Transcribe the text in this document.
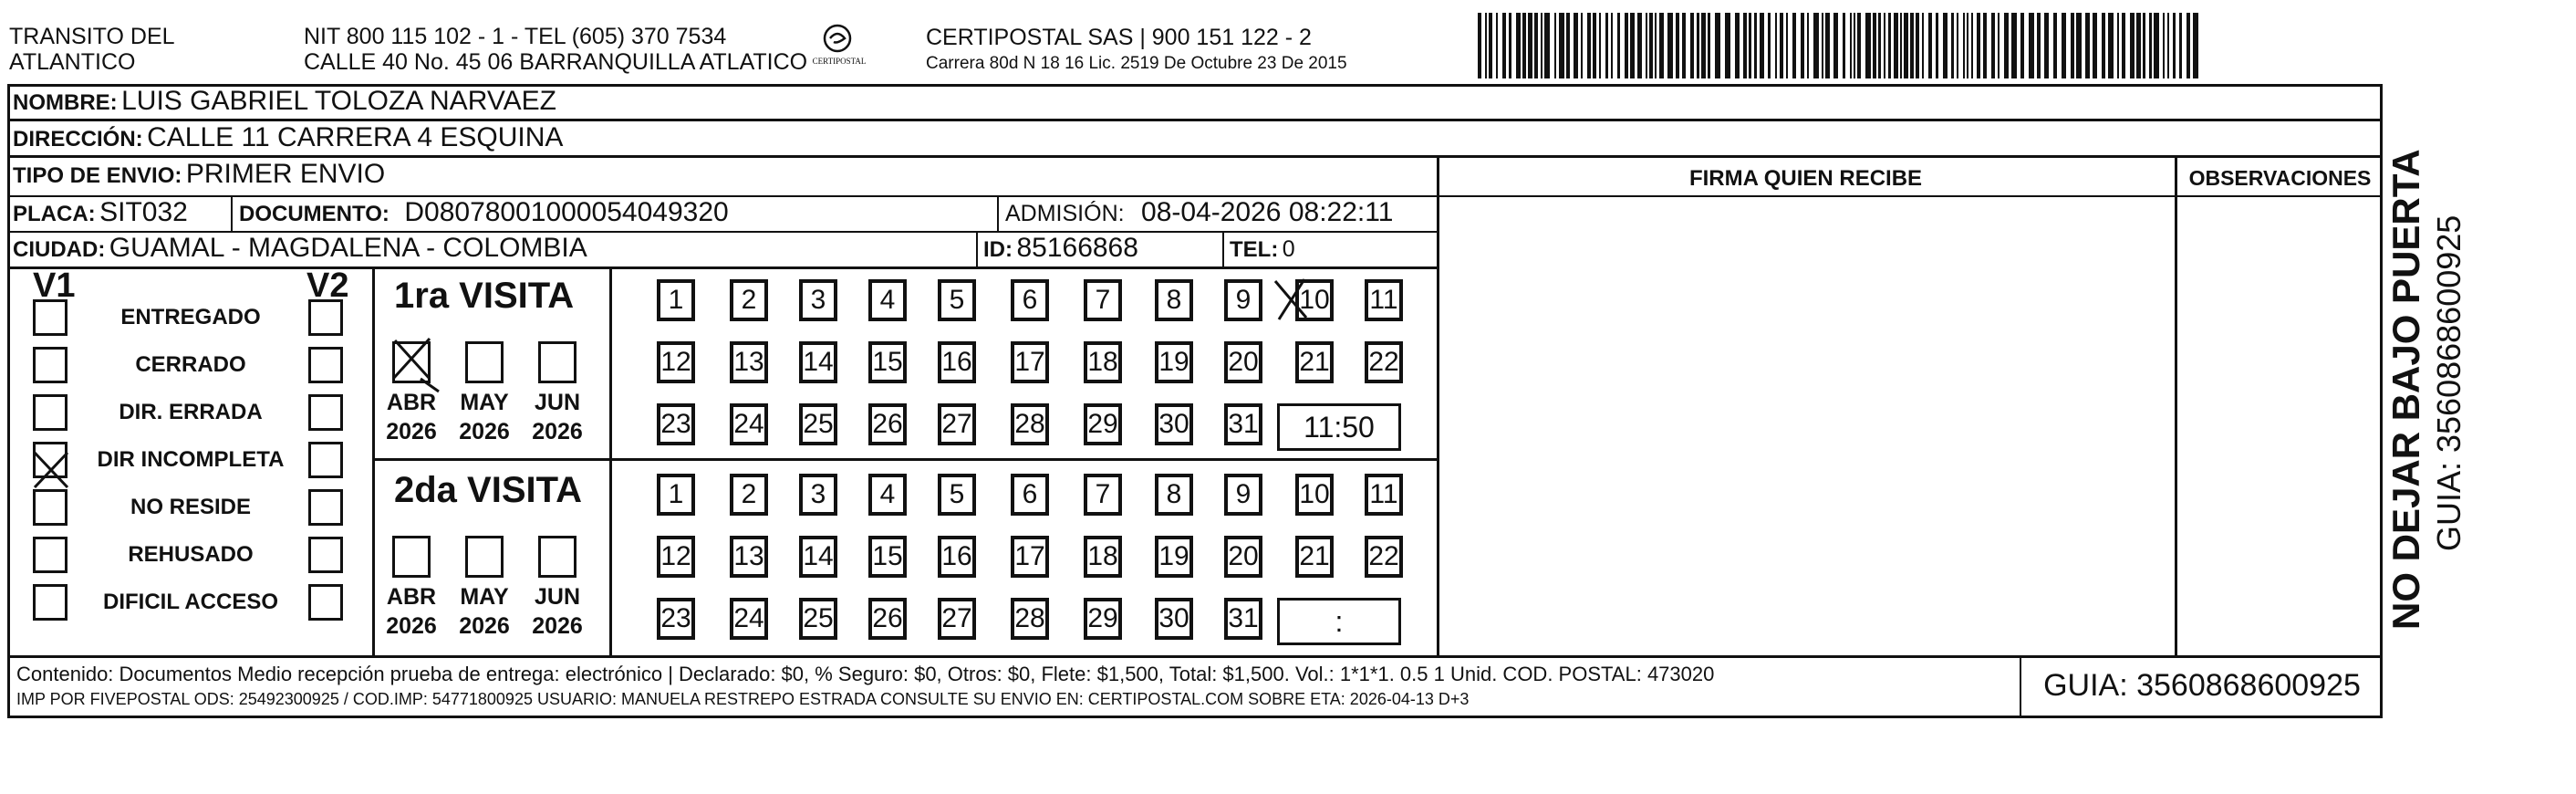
TRANSITO DEL
ATLANTICO
NIT 800 115 102 - 1 - TEL (605) 370 7534
CALLE 40 No. 45 06 BARRANQUILLA ATLATICO CERTIPOSTAL
CERTIPOSTAL SAS | 900 151 122 - 2
Carrera 80d N 18 16 Lic. 2519 De Octubre 23 De 2015
NOMBRE: LUIS GABRIEL TOLOZA NARVAEZ
DIRECCIÓN: CALLE 11 CARRERA 4 ESQUINA
TIPO DE ENVIO: PRIMER ENVIO	FIRMA QUIEN RECIBE	OBSERVACIONES
PLACA: SIT032 DOCUMENTO: D08078001000054049320	ADMISIÓN: 08-04-2026 08:22:11
CIUDAD: GUAMAL - MAGDALENA - COLOMBIA	ID: 85166868	TEL: 0
V1	V2
ENTREGADO
CERRADO
DIR. ERRADA
DIR INCOMPLETA
NO RESIDE
REHUSADO
DIFICIL ACCESO
1ra VISITA
ABR
2026
MAY
2026
JUN
2026
1	2	3	4	5	6	7	8	9	10 11
12 13 14 15 16 17 18 19 20 21 22
23 24 25 26 27 28 29 30 31	11:50
2da VISITA
ABR
2026
MAY
2026
JUN
2026
1	2	3	4	5	6	7	8	9	10 11
12 13 14 15 16 17 18 19 20 21 22
23 24 25 26 27 28 29 30 31	:
Contenido: Documentos Medio recepción prueba de entrega: electrónico | Declarado: $0, % Seguro: $0, Otros: $0, Flete: $1,500, Total: $1,500. Vol.: 1*1*1. 0.5 1 Unid. COD. POSTAL: 473020
IMP POR FIVEPOSTAL ODS: 25492300925 / COD.IMP: 54771800925 USUARIO: MANUELA RESTREPO ESTRADA CONSULTE SU ENVIO EN: CERTIPOSTAL.COM SOBRE ETA: 2026-04-13 D+3	GUIA: 3560868600925
NO DEJAR BAJO PUERTA GUIA: 3560868600925
